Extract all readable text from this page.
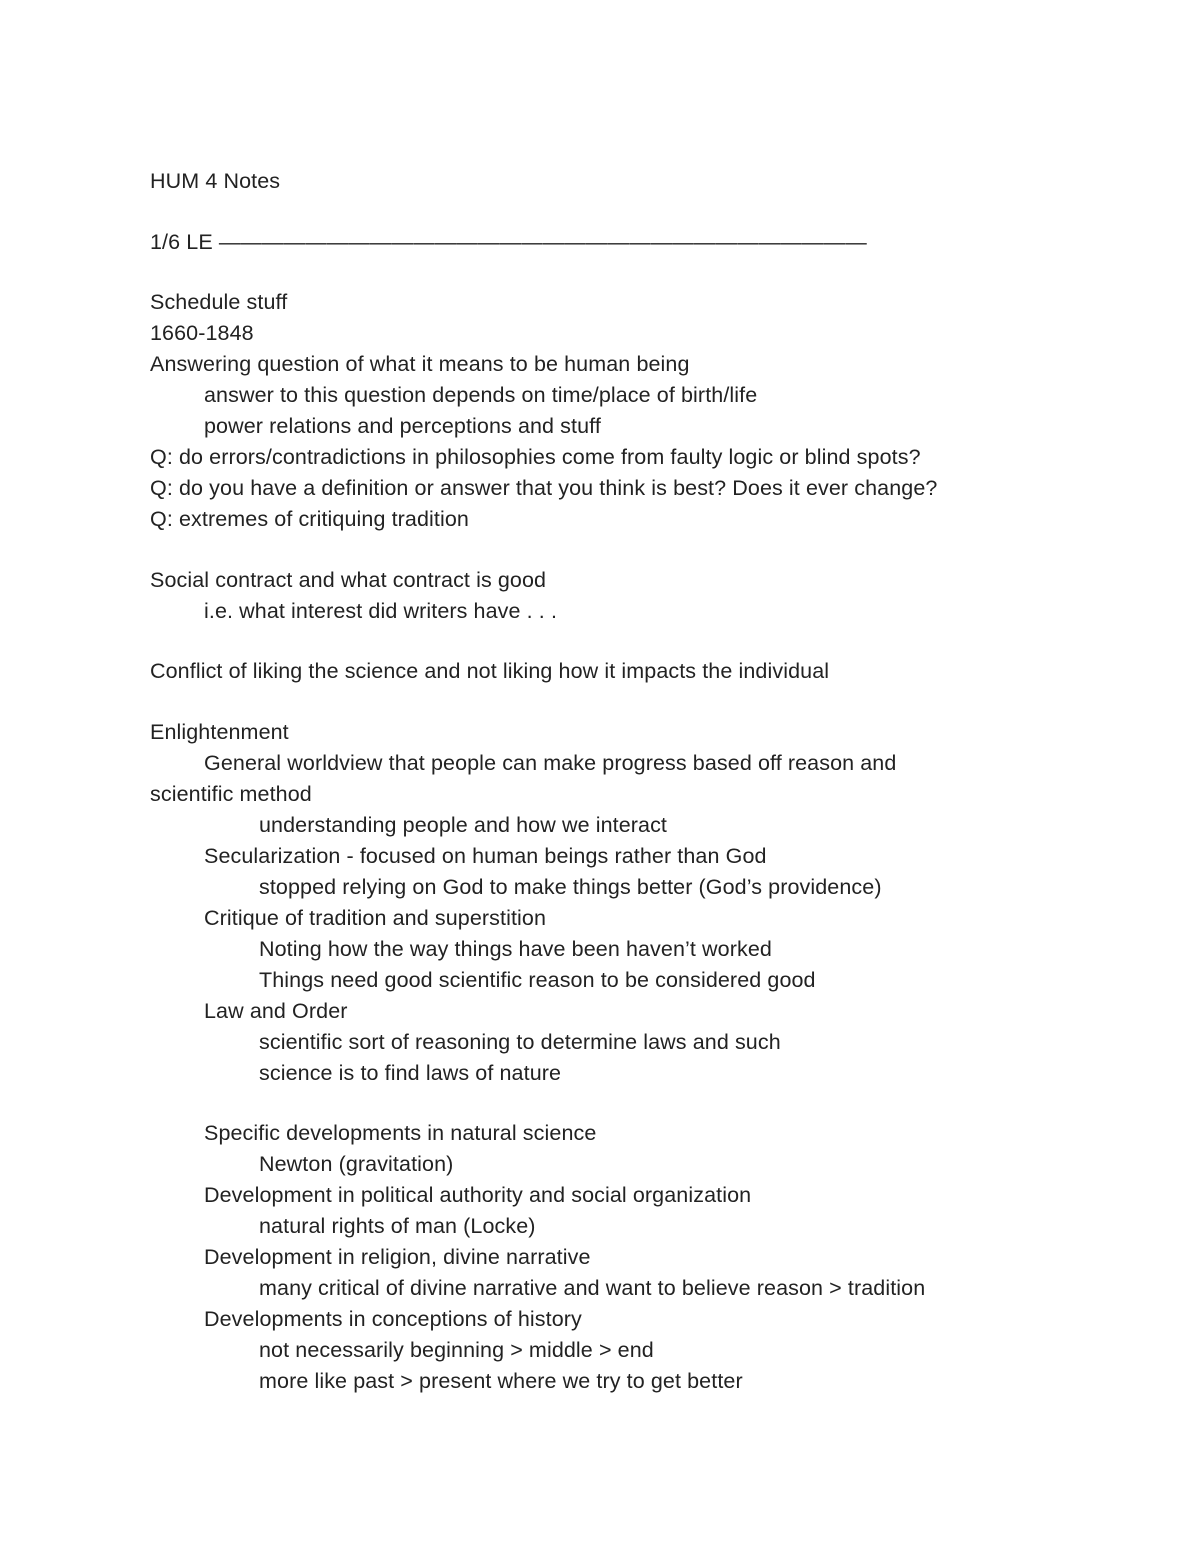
HUM 4 Notes
1/6 LE ——————————————————————————————
Schedule stuff
1660-1848
Answering question of what it means to be human being
answer to this question depends on time/place of birth/life
power relations and perceptions and stuff
Q: do errors/contradictions in philosophies come from faulty logic or blind spots?
Q: do you have a definition or answer that you think is best? Does it ever change?
Q: extremes of critiquing tradition
Social contract and what contract is good
i.e. what interest did writers have . . .
Conflict of liking the science and not liking how it impacts the individual
Enlightenment
General worldview that people can make progress based off reason and
scientific method
understanding people and how we interact
Secularization - focused on human beings rather than God
stopped relying on God to make things better (God’s providence)
Critique of tradition and superstition
Noting how the way things have been haven’t worked
Things need good scientific reason to be considered good
Law and Order
scientific sort of reasoning to determine laws and such
science is to find laws of nature
Specific developments in natural science
Newton (gravitation)
Development in political authority and social organization
natural rights of man (Locke)
Development in religion, divine narrative
many critical of divine narrative and want to believe reason > tradition
Developments in conceptions of history
not necessarily beginning > middle > end
more like past > present where we try to get better
